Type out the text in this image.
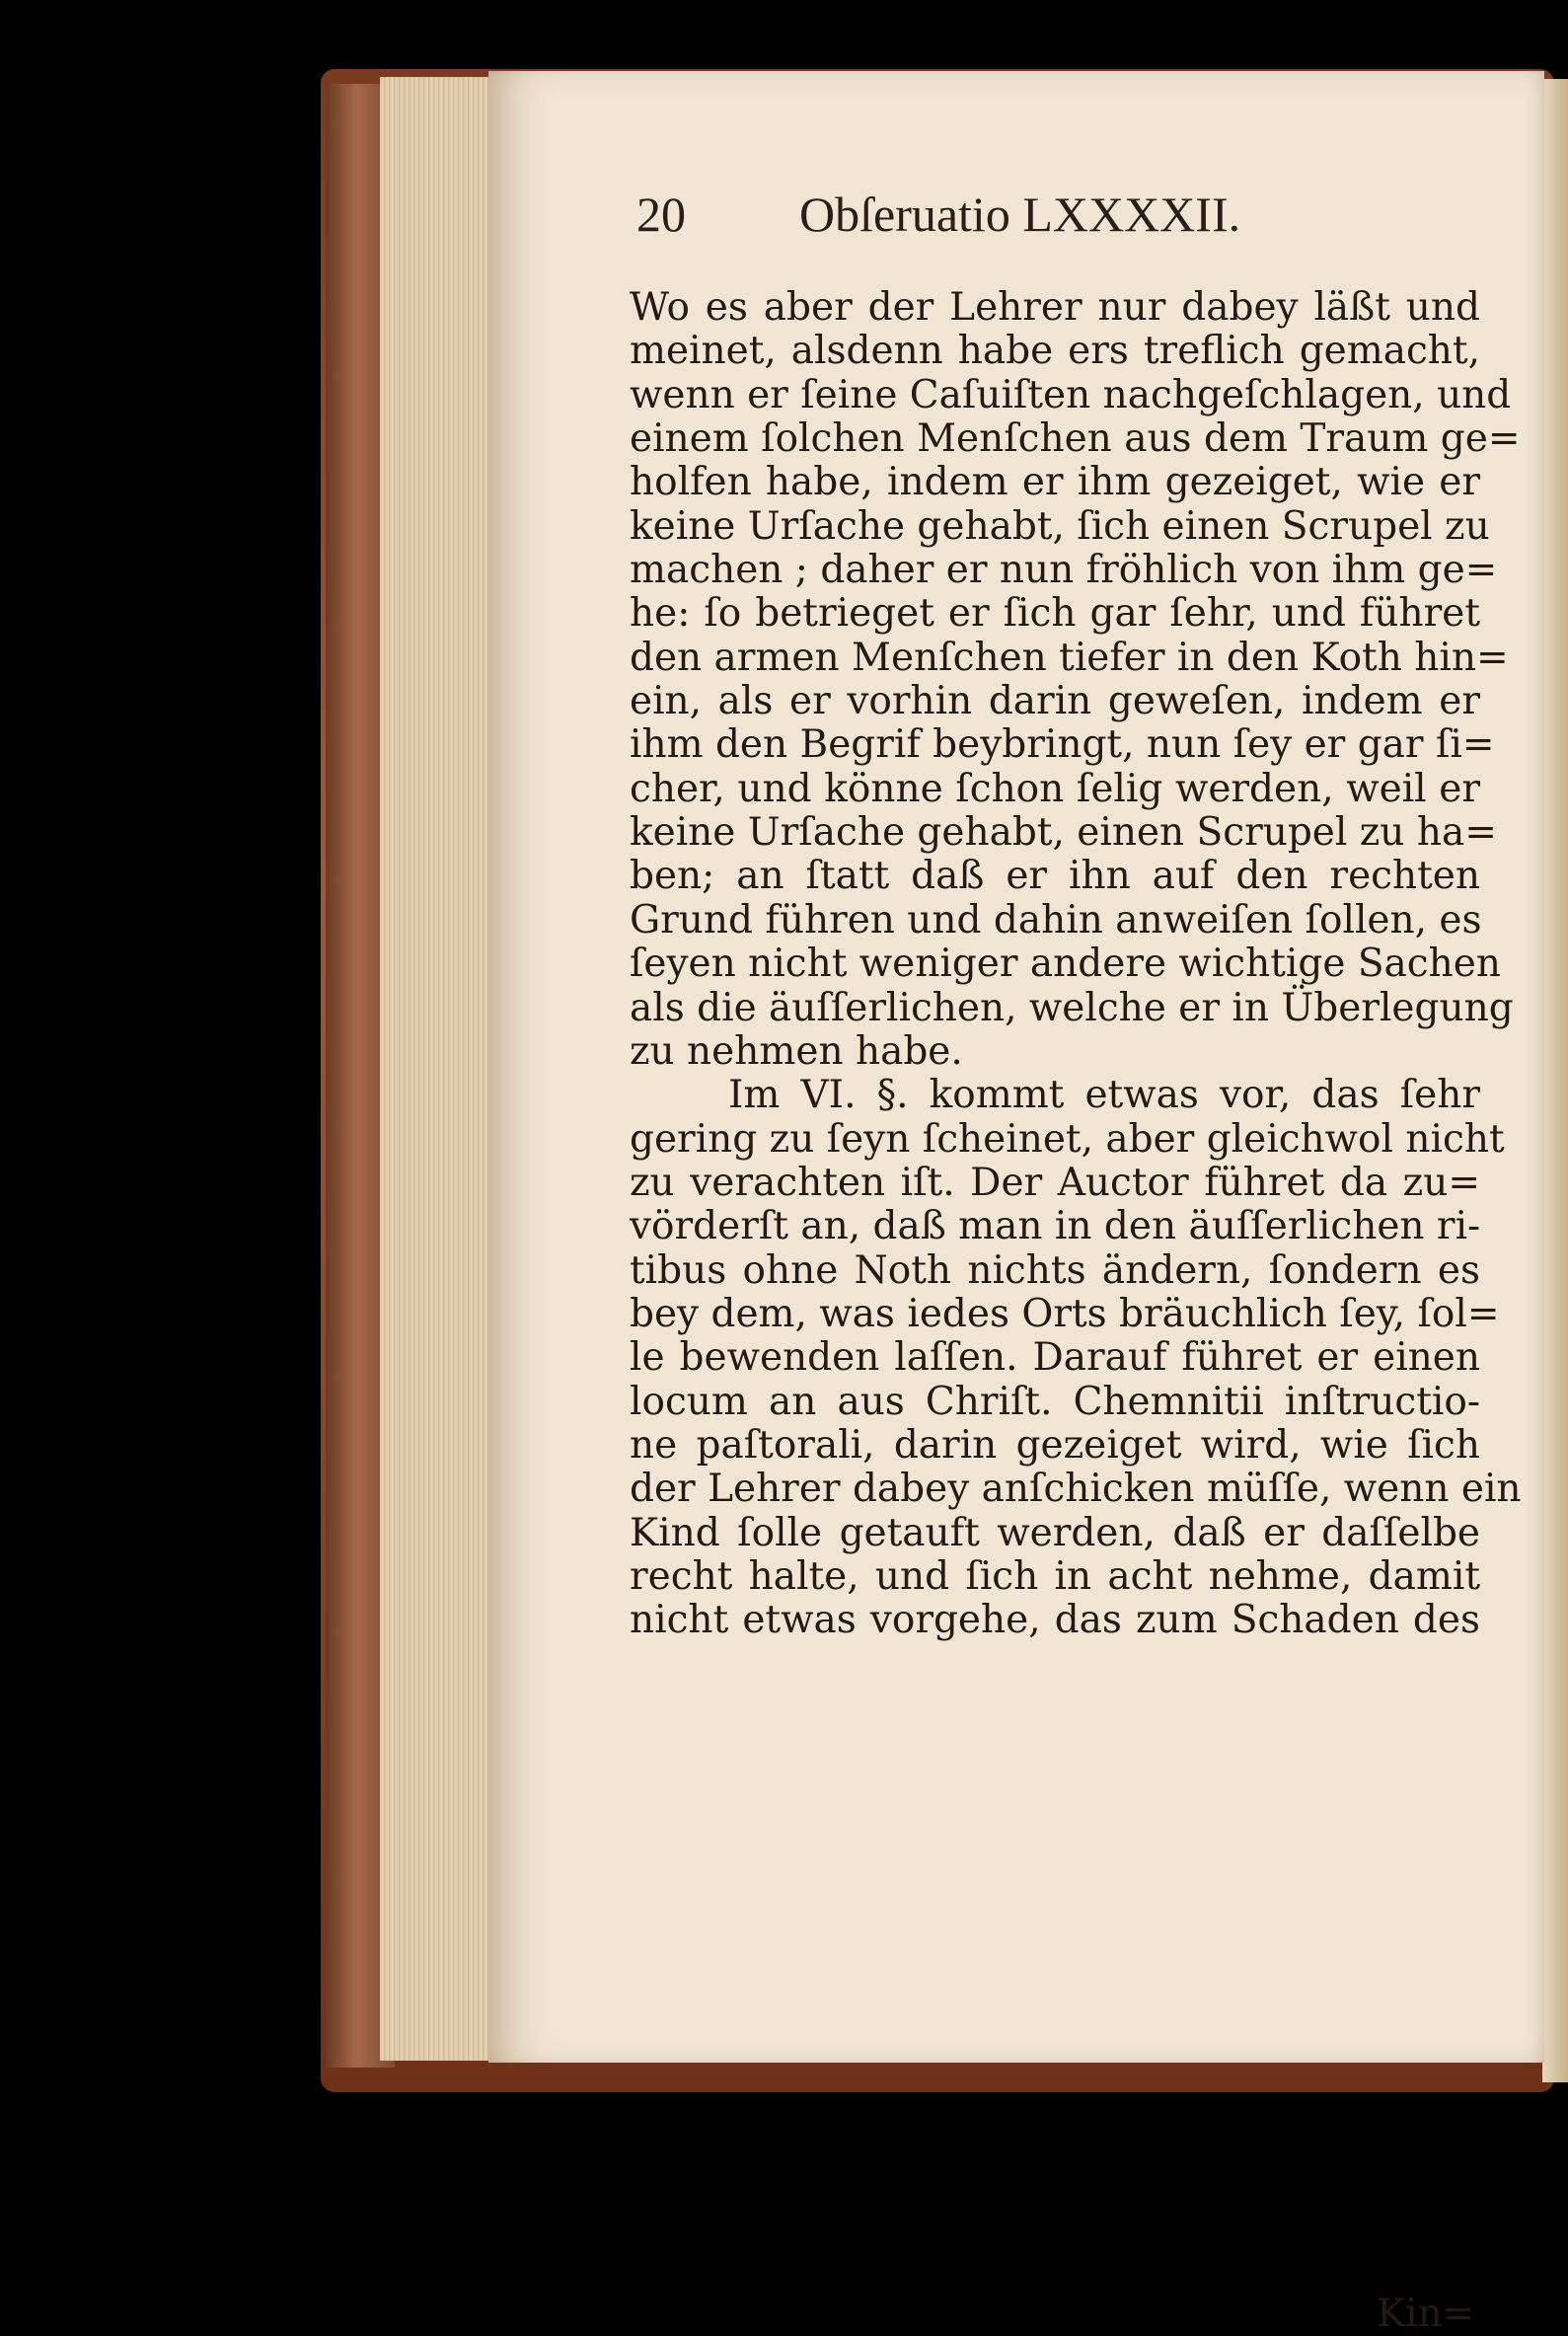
20 Obſeruatio LXXXXII.
Wo es aber der Lehrer nur dabey läßt und
meinet, alsdenn habe ers treflich gemacht,
wenn er ſeine Caſuiſten nachgeſchlagen, und
einem ſolchen Menſchen aus dem Traum ge=
holfen habe, indem er ihm gezeiget, wie er
keine Urſache gehabt, ſich einen Scrupel zu
machen ; daher er nun fröhlich von ihm ge=
he: ſo betrieget er ſich gar ſehr, und führet
den armen Menſchen tiefer in den Koth hin=
ein, als er vorhin darin geweſen, indem er
ihm den Begrif beybringt, nun ſey er gar ſi=
cher, und könne ſchon ſelig werden, weil er
keine Urſache gehabt, einen Scrupel zu ha=
ben; an ſtatt daß er ihn auf den rechten
Grund führen und dahin anweiſen ſollen, es
ſeyen nicht weniger andere wichtige Sachen
als die äuſſerlichen, welche er in Überlegung
zu nehmen habe.
Im VI. §. kommt etwas vor, das ſehr
gering zu ſeyn ſcheinet, aber gleichwol nicht
zu verachten iſt. Der Auctor führet da zu=
vörderſt an, daß man in den äuſſerlichen ri-
tibus ohne Noth nichts ändern, ſondern es
bey dem, was iedes Orts bräuchlich ſey, ſol=
le bewenden laſſen. Darauf führet er einen
locum an aus Chriſt. Chemnitii inſtructio-
ne paſtorali, darin gezeiget wird, wie ſich
der Lehrer dabey anſchicken müſſe, wenn ein
Kind ſolle getauft werden, daß er daſſelbe
recht halte, und ſich in acht nehme, damit
nicht etwas vorgehe, das zum Schaden des
Kin=
